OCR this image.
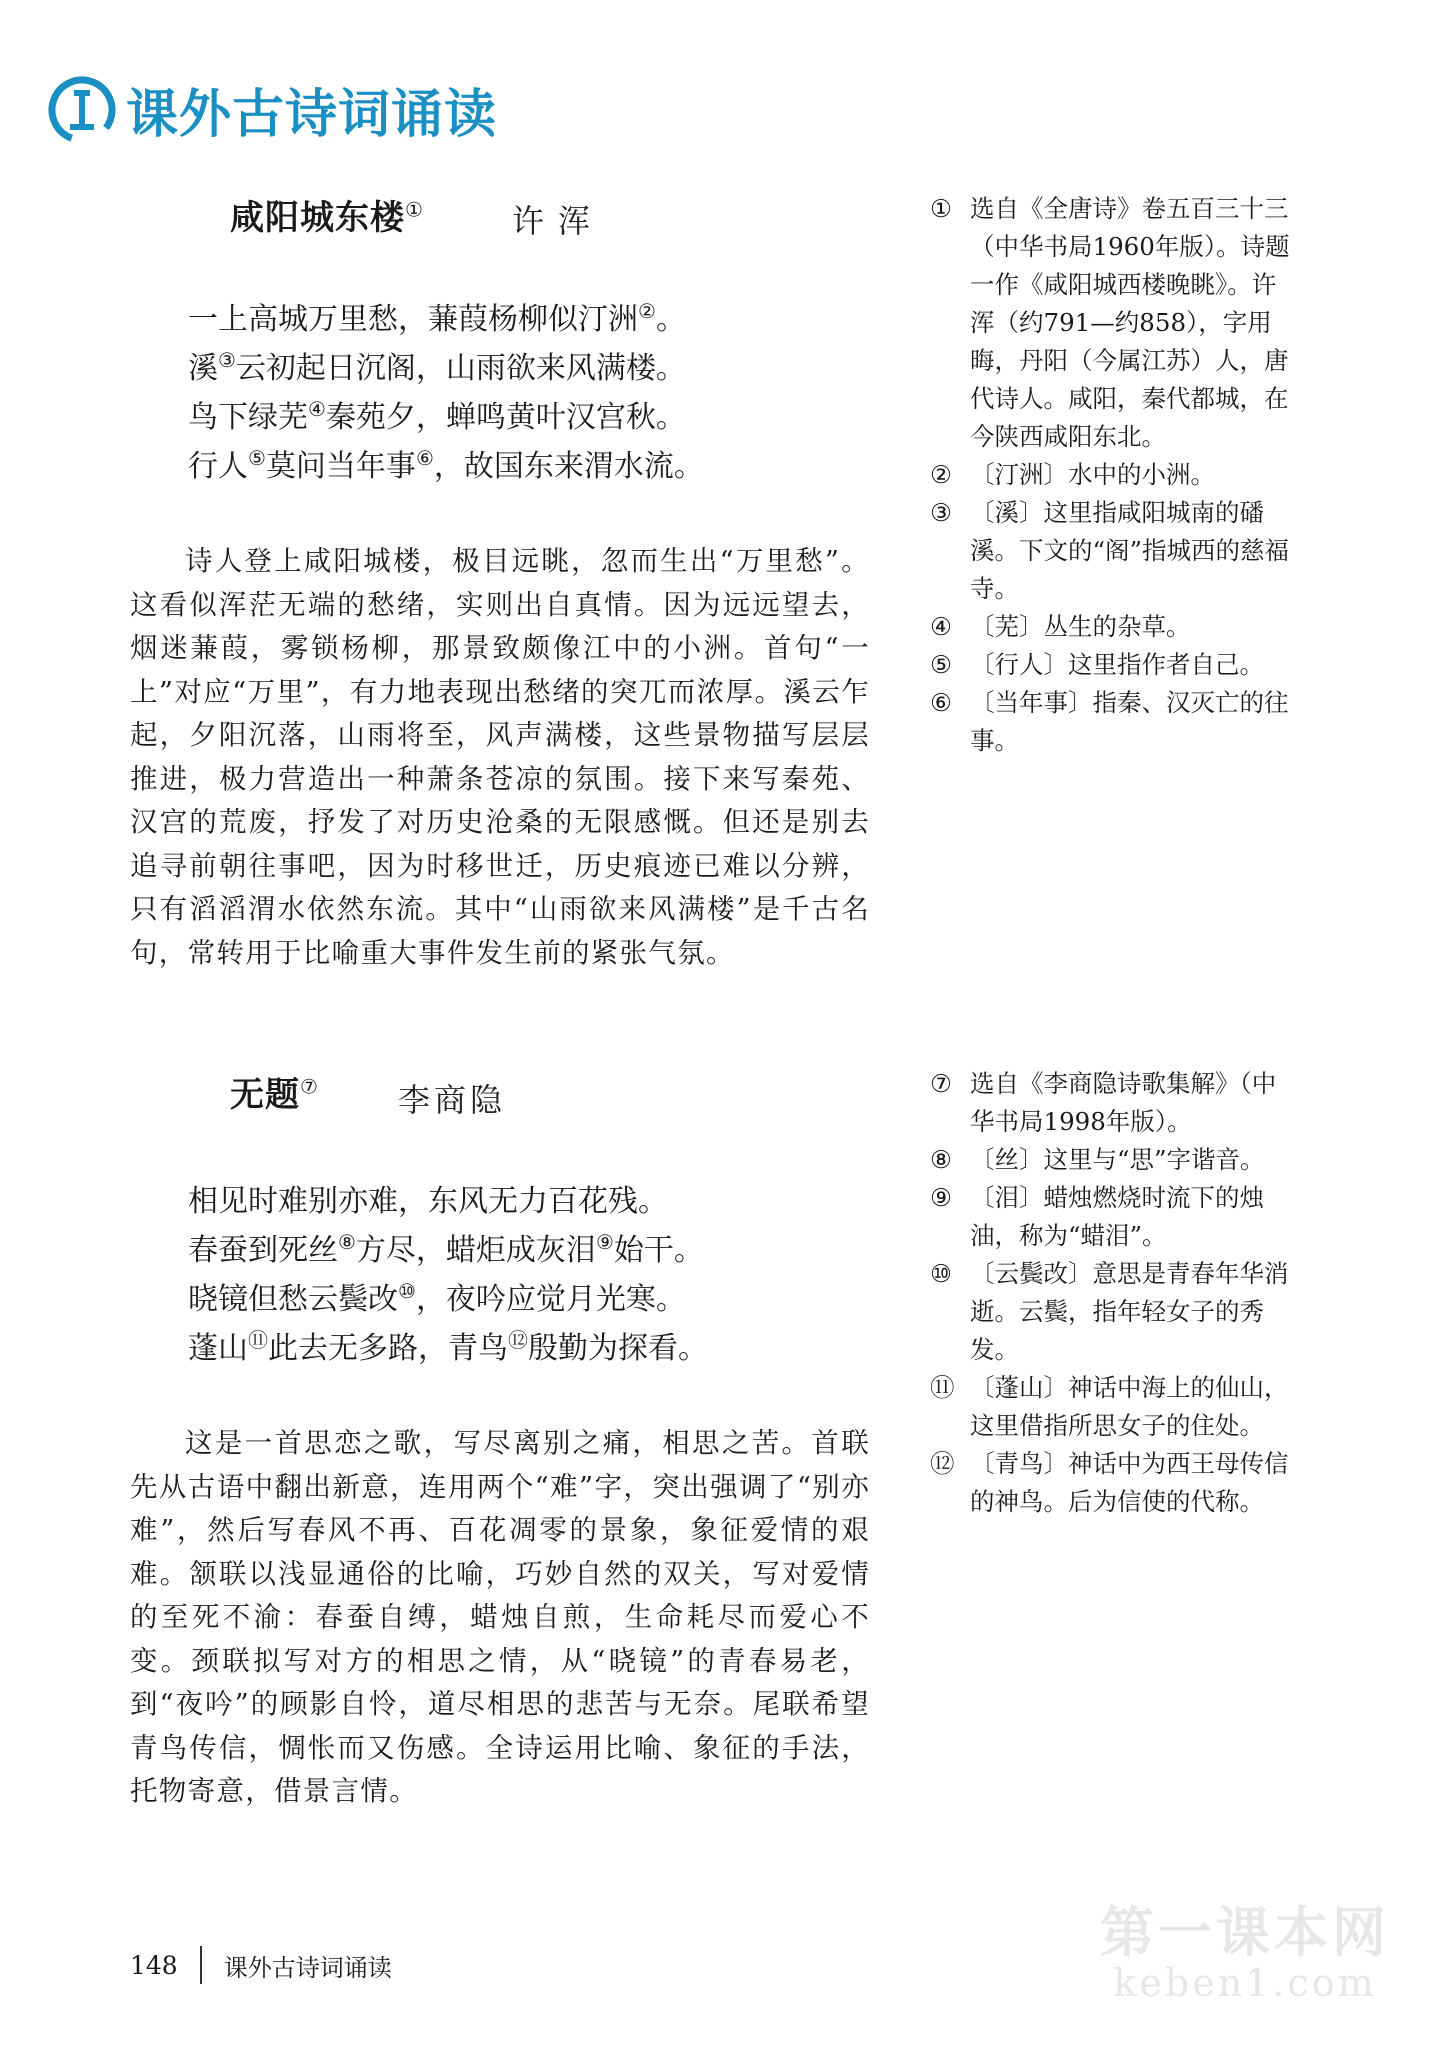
课外古诗词诵读
咸阳城东楼①	许浑
一上高城万里愁，蒹葭杨柳似汀洲②。
溪③云初起日沉阁，山雨欲来风满楼。
鸟下绿芜④秦苑夕，蝉鸣黄叶汉宫秋。
行人⑤莫问当年事⑥，故国东来渭水流。

诗人登上咸阳城楼，极目远眺，忽而生出“万里愁”。这看似浑茫无端的愁绪，实则出自真情。因为远远望去，烟迷蒹葭，雾锁杨柳，那景致颇像江中的小洲。首句“一上”对应“万里”，有力地表现出愁绪的突兀而浓厚。溪云乍起，夕阳沉落，山雨将至，风声满楼，这些景物描写层层推进，极力营造出一种萧条苍凉的氛围。接下来写秦苑、汉宫的荒废，抒发了对历史沧桑的无限感慨。但还是别去追寻前朝往事吧，因为时移世迁，历史痕迹已难以分辨，只有滔滔渭水依然东流。其中“山雨欲来风满楼”是千古名句，常转用于比喻重大事件发生前的紧张气氛。

① 选自《全唐诗》卷五百三十三（中华书局1960年版）。诗题一作《咸阳城西楼晚眺》。许浑（约791—约858），字用晦，丹阳（今属江苏）人，唐代诗人。咸阳，秦代都城，在今陕西咸阳东北。
② 〔汀洲〕水中的小洲。
③ 〔溪〕这里指咸阳城南的磻溪。下文的“阁”指城西的慈福寺。
④ 〔芜〕丛生的杂草。
⑤ 〔行人〕这里指作者自己。
⑥ 〔当年事〕指秦、汉灭亡的往事。
无题⑦ 李商隐
相见时难别亦难，东风无力百花残。
春蚕到死丝⑧方尽，蜡炬成灰泪⑨始干。
晓镜但愁云鬓改⑩，夜吟应觉月光寒。
蓬山⑪此去无多路，青鸟⑫殷勤为探看。

这是一首思恋之歌，写尽离别之痛，相思之苦。首联先从古语中翻出新意，连用两个“难”字，突出强调了“别亦难”，然后写春风不再、百花凋零的景象，象征爱情的艰难。颔联以浅显通俗的比喻，巧妙自然的双关，写对爱情的至死不渝：春蚕自缚，蜡烛自煎，生命耗尽而爱心不变。颈联拟写对方的相思之情，从“晓镜”的青春易老，到“夜吟”的顾影自怜，道尽相思的悲苦与无奈。尾联希望青鸟传信，惆怅而又伤感。全诗运用比喻、象征的手法，托物寄意，借景言情。

⑦ 选自《李商隐诗歌集解》（中华书局1998年版）。
⑧ 〔丝〕这里与“思”字谐音。
⑨ 〔泪〕蜡烛燃烧时流下的烛油，称为“蜡泪”。
⑩ 〔云鬓改〕意思是青春年华消逝。云鬓，指年轻女子的秀发。
⑪ 〔蓬山〕神话中海上的仙山，这里借指所思女子的住处。
⑫ 〔青鸟〕神话中为西王母传信的神鸟。后为信使的代称。
148 课外古诗词诵读
第一课本网
keben1.com
